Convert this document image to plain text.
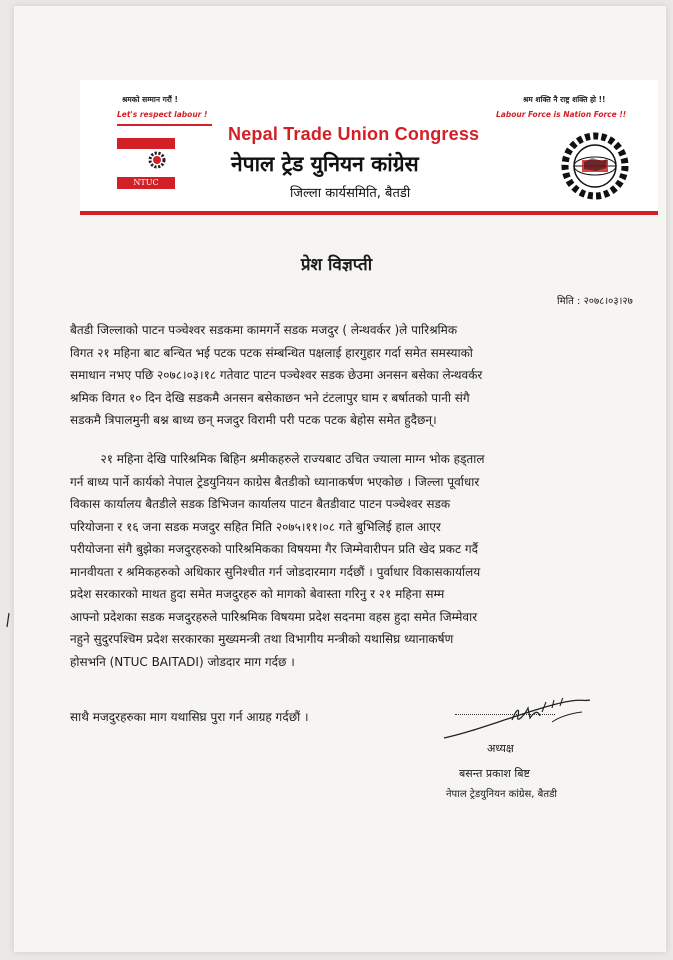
श्रमको सम्मान गरौं !
Let's respect labour !
श्रम शक्ति नै राष्ट्र शक्ति हो !!
Labour Force is Nation Force !!
NTUC
Nepal Trade Union Congress
नेपाल ट्रेड युनियन कांग्रेस
जिल्ला कार्यसमिति, बैतडी
प्रेश विज्ञप्ती
मिति : २०७८।०३।२७
बैतडी जिल्लाको पाटन पञ्चेश्वर सडकमा कामगर्ने सडक मजदुर ( लेन्थवर्कर )ले पारिश्रमिक
विगत २१ महिना बाट बन्चित भई पटक पटक संम्बन्धित पक्षलाई हारगुहार गर्दा समेत समस्याको
समाधान नभए पछि २०७८।०३।१८ गतेवाट पाटन पञ्चेश्वर सडक छेउमा अनसन बसेका लेन्थवर्कर
श्रमिक विगत १० दिन देखि सडकमै अनसन बसेकाछन भने टंटलापुर घाम र बर्षातको पानी संगै
सडकमै त्रिपालमुनी बश्न बाध्य छन् मजदुर विरामी परी पटक पटक बेहोस समेत हुदैछन्।
२१ महिना देखि पारिश्रमिक बिहिन श्रमीकहरुले राज्यबाट उचित ज्याला माग्न भोक हड्ताल
गर्न बाध्य पार्ने कार्यको नेपाल ट्रेडयुनियन काग्रेस बैतडीको ध्यानाकर्षण भएकोछ । जिल्ला पूर्वाधार
विकास कार्यालय बैतडीले सडक डिभिजन कार्यालय पाटन बैतडीवाट पाटन पञ्चेश्वर सडक
परियोजना र १६ जना सडक मजदुर सहित मिति २०७५।११।०८ गते बुभिलिई हाल आएर
परीयोजना संगै बुझेका मजदुरहरुको पारिश्रमिकका विषयमा गैर जिम्मेवारीपन प्रति खेद प्रकट गर्दै
मानवीयता र श्रमिकहरुको अधिकार सुनिश्चीत गर्न जोडदारमाग गर्दछौं । पुर्वाधार विकासकार्यालय
प्रदेश सरकारको माथत हुदा समेत मजदुरहरु को मागको बेवास्ता गरिनु र २१ महिना सम्म
आफ्नो प्रदेशका सडक मजदुरहरुले पारिश्रमिक विषयमा प्रदेश सदनमा वहस हुदा समेत जिम्मेवार
नहुने सुदुरपश्चिम प्रदेश सरकारका मुख्यमन्त्री तथा विभागीय मन्त्रीको यथासिघ्र ध्यानाकर्षण
होसभनि (NTUC BAITADI) जोडदार माग गर्दछ ।
साथै मजदुरहरुका माग यथासिघ्र पुरा गर्न आग्रह गर्दछौं ।
अध्यक्ष
बसन्त प्रकाश बिष्ट
नेपाल ट्रेडयुनियन कांग्रेस, बैतडी
